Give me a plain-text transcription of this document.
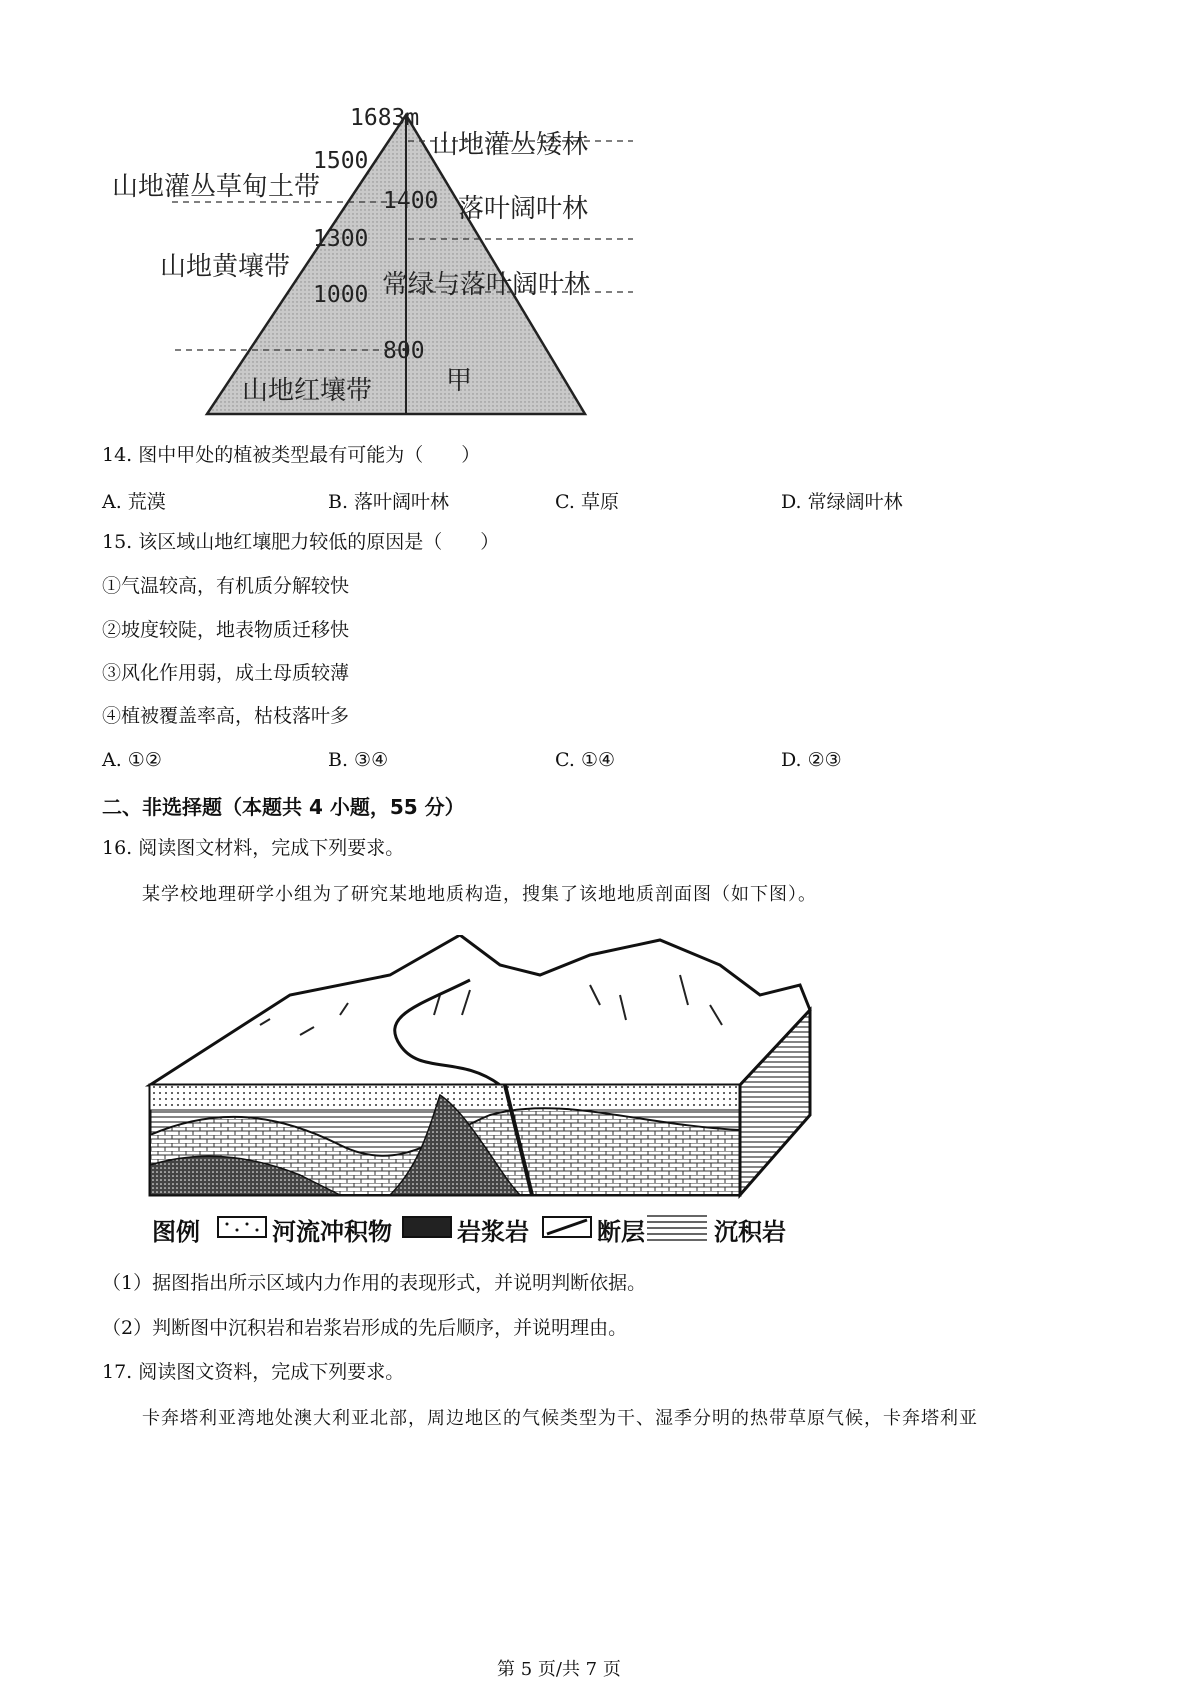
1683m
1500
1400
1300
1000
800
山地灌丛草甸土带
山地黄壤带
山地红壤带
山地灌丛矮林
落叶阔叶林
常绿与落叶阔叶林
甲
14. 图中甲处的植被类型最有可能为（　　）
A. 荒漠	B. 落叶阔叶林	C. 草原	D. 常绿阔叶林
15. 该区域山地红壤肥力较低的原因是（　　）
①气温较高，有机质分解较快
②坡度较陡，地表物质迁移快
③风化作用弱，成土母质较薄
④植被覆盖率高，枯枝落叶多
A. ①②	B. ③④	C. ①④	D. ②③
二、非选择题（本题共 4 小题，55 分）
16. 阅读图文材料，完成下列要求。
某学校地理研学小组为了研究某地地质构造，搜集了该地地质剖面图（如下图）。
图例	河流冲积物	岩浆岩	断层	沉积岩
（1）据图指出所示区域内力作用的表现形式，并说明判断依据。
（2）判断图中沉积岩和岩浆岩形成的先后顺序，并说明理由。
17. 阅读图文资料，完成下列要求。
卡奔塔利亚湾地处澳大利亚北部，周边地区的气候类型为干、湿季分明的热带草原气候，卡奔塔利亚
第 5 页/共 7 页
